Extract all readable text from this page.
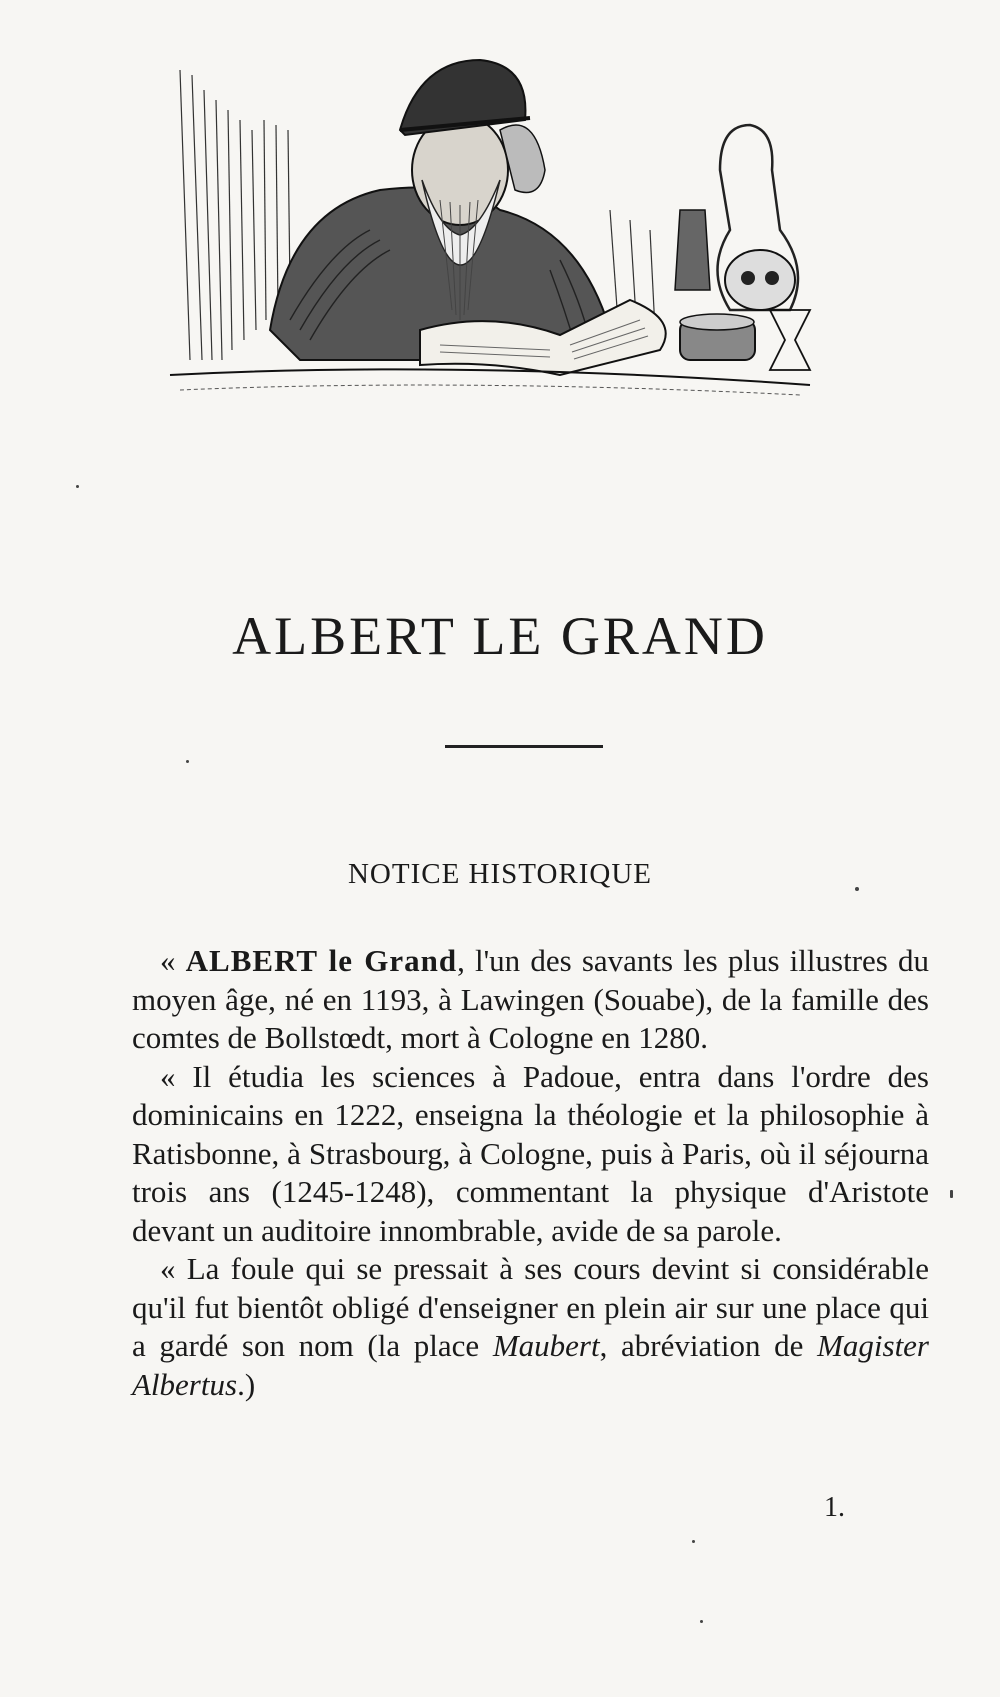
ALBERT LE GRAND
NOTICE HISTORIQUE

« ALBERT le Grand, l'un des savants les plus illustres du moyen âge, né en 1193, à Lawingen (Souabe), de la famille des comtes de Bollstœdt, mort à Cologne en 1280.

« Il étudia les sciences à Padoue, entra dans l'ordre des dominicains en 1222, enseigna la théologie et la philosophie à Ratisbonne, à Strasbourg, à Cologne, puis à Paris, où il séjourna trois ans (1245-1248), commentant la physique d'Aristote devant un auditoire innombrable, avide de sa parole.

« La foule qui se pressait à ses cours devint si considérable qu'il fut bientôt obligé d'enseigner en plein air sur une place qui a gardé son nom (la place Maubert, abréviation de Magister Albertus.)

1.
